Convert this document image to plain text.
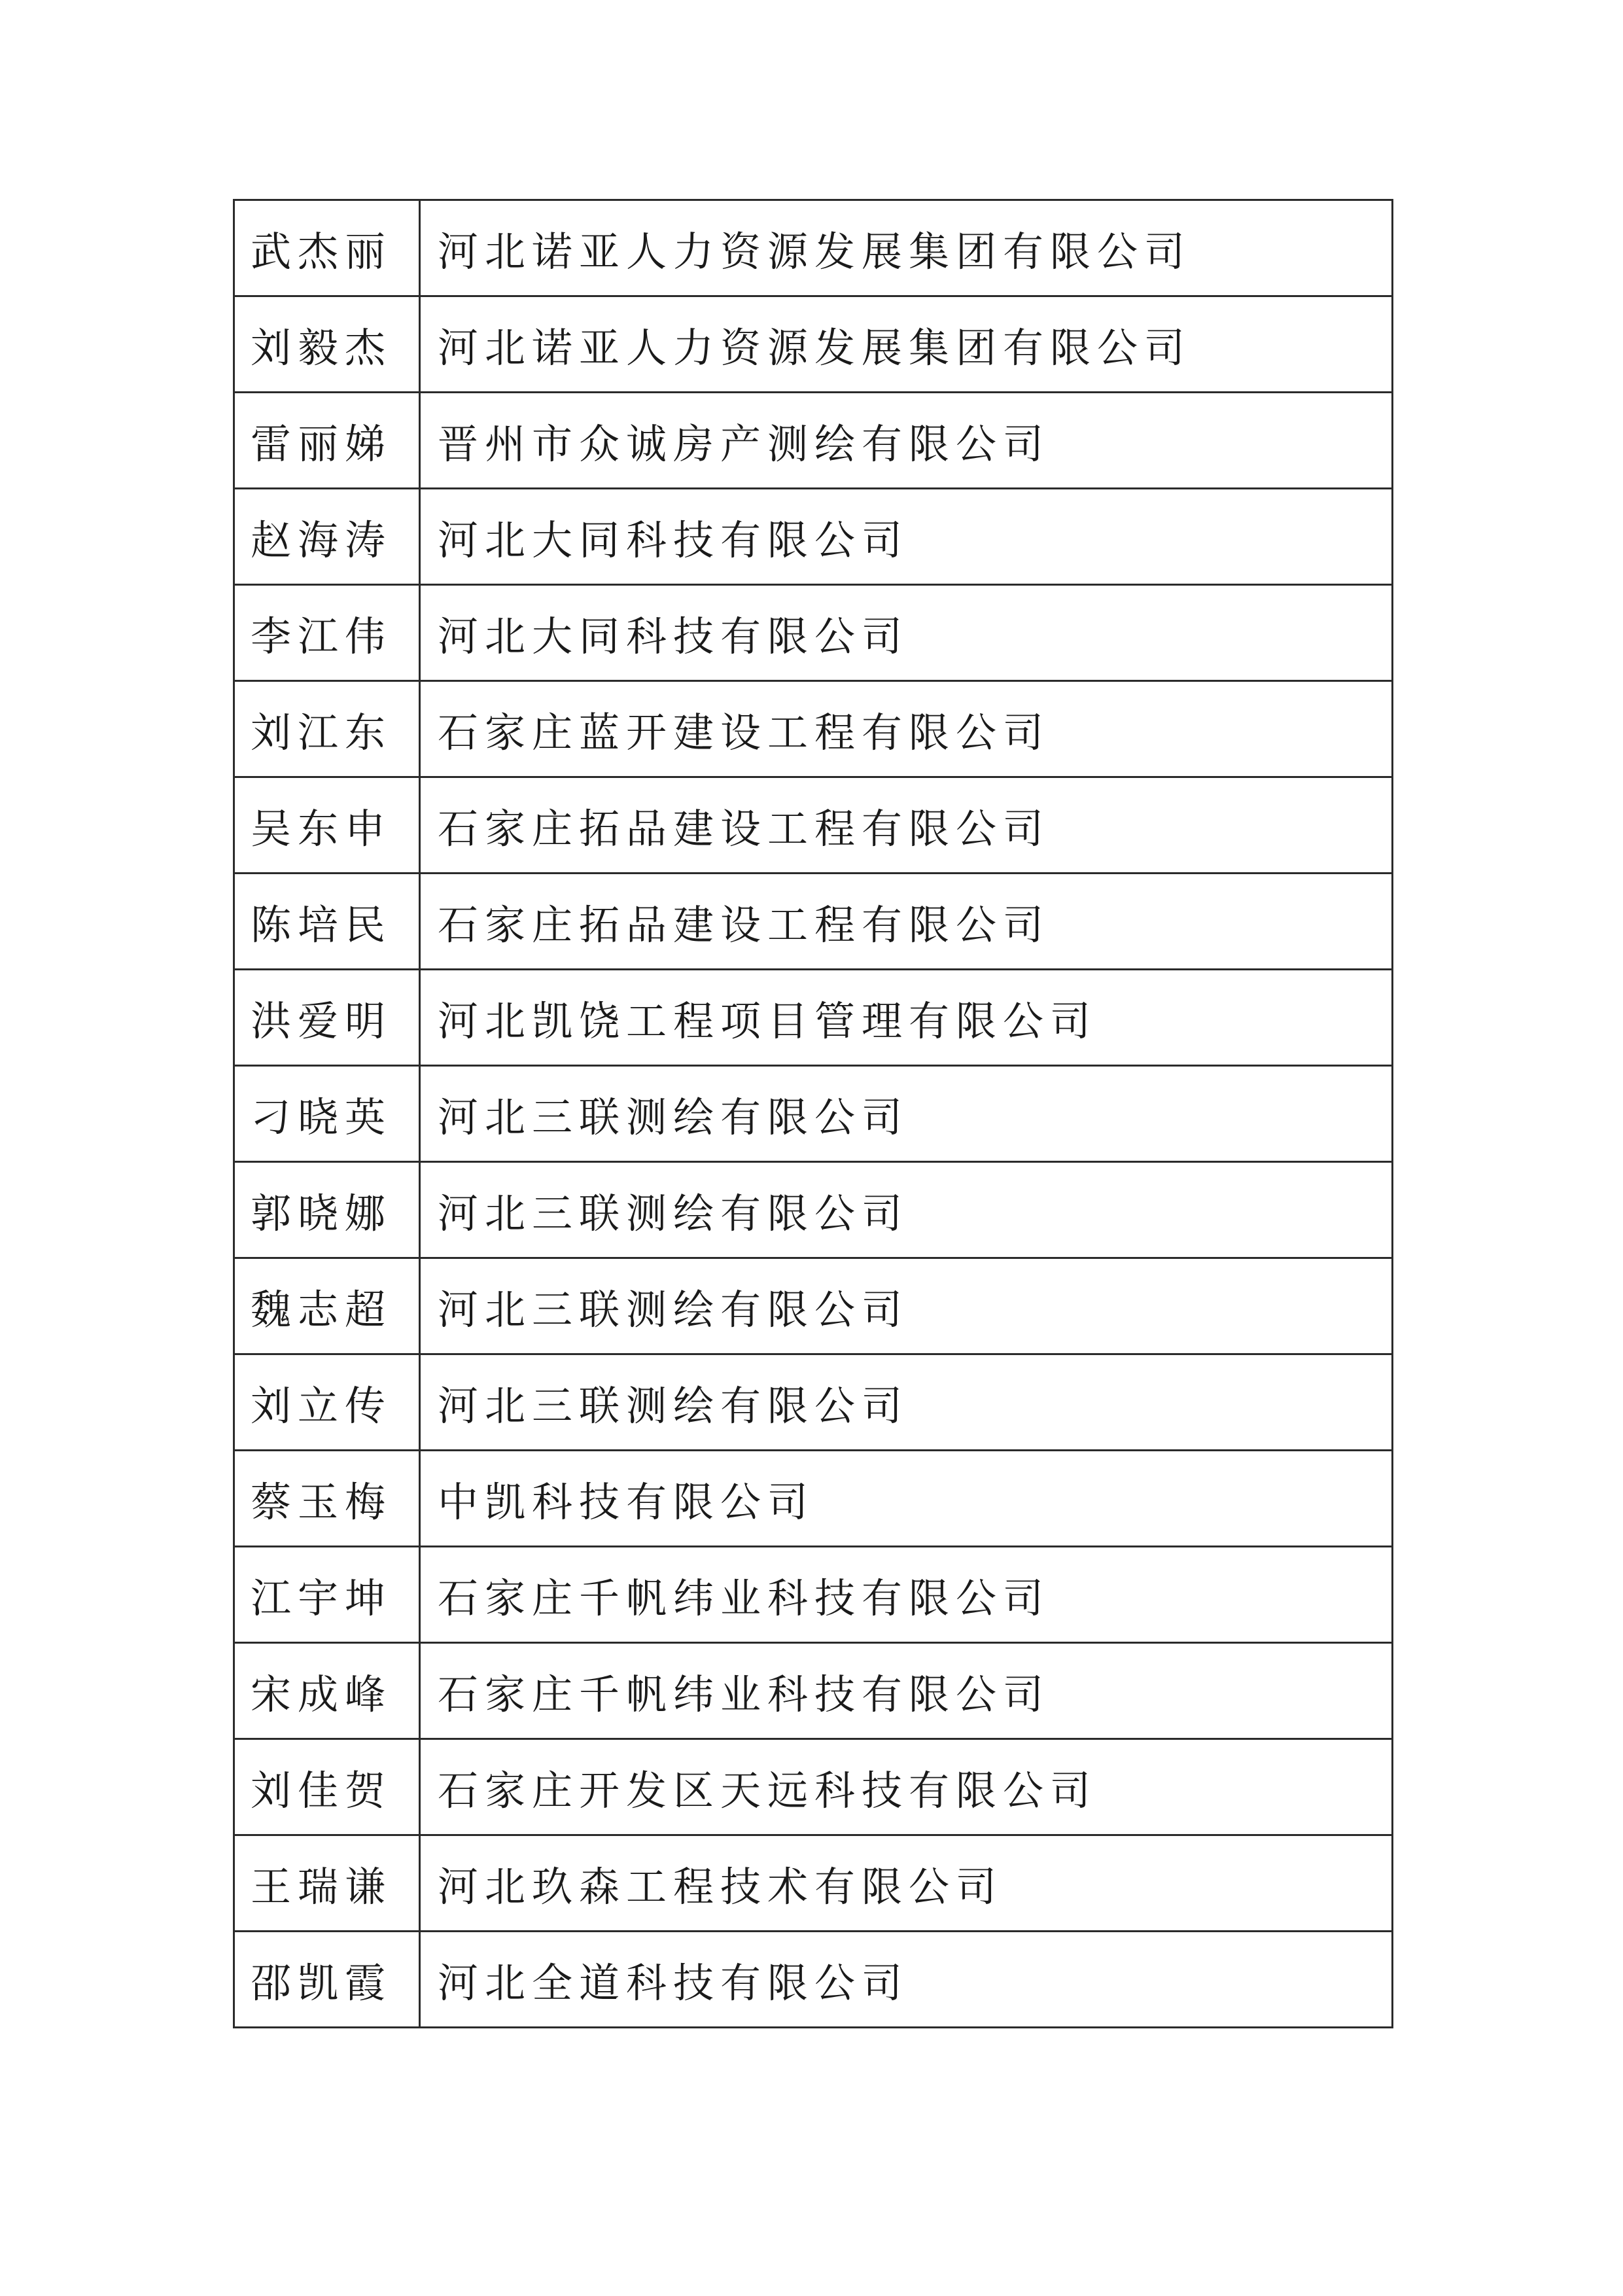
武杰丽	河北诺亚人力资源发展集团有限公司
刘毅杰	河北诺亚人力资源发展集团有限公司
雷丽娣	晋州市众诚房产测绘有限公司
赵海涛	河北大同科技有限公司
李江伟	河北大同科技有限公司
刘江东	石家庄蓝开建设工程有限公司
吴东申	石家庄拓品建设工程有限公司
陈培民	石家庄拓品建设工程有限公司
洪爱明	河北凯饶工程项目管理有限公司
刁晓英	河北三联测绘有限公司
郭晓娜	河北三联测绘有限公司
魏志超	河北三联测绘有限公司
刘立传	河北三联测绘有限公司
蔡玉梅	中凯科技有限公司
江宇坤	石家庄千帆纬业科技有限公司
宋成峰	石家庄千帆纬业科技有限公司
刘佳贺	石家庄开发区天远科技有限公司
王瑞谦	河北玖森工程技术有限公司
邵凯霞	河北全道科技有限公司
